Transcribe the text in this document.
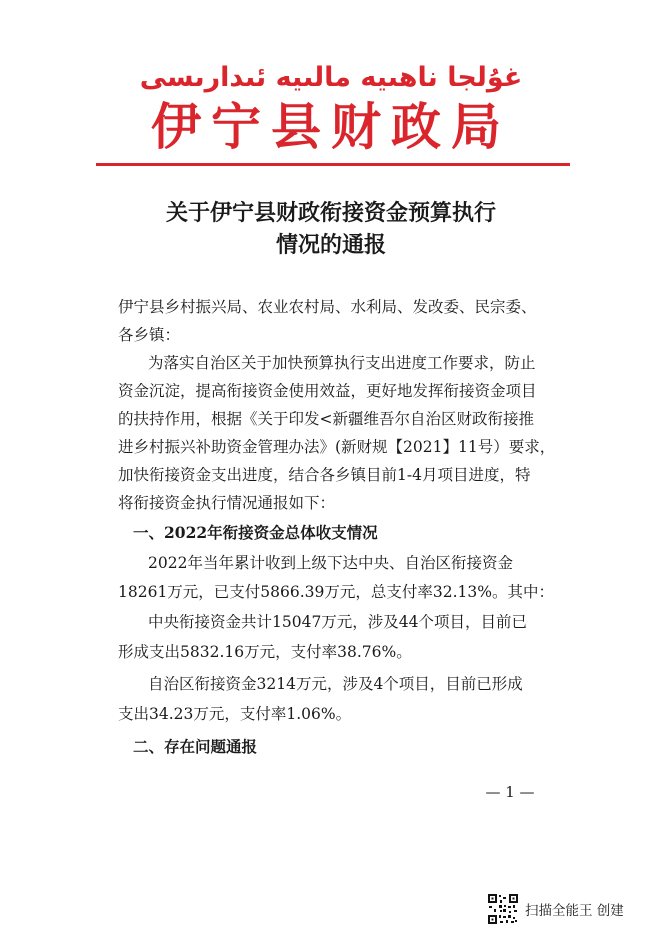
غۇلجا ناھىيە مالىيە ئىدارىسى
伊宁县财政局
关于伊宁县财政衔接资金预算执行
情况的通报
伊宁县乡村振兴局、农业农村局、水利局、发改委、民宗委、
各乡镇：
为落实自治区关于加快预算执行支出进度工作要求，防止
资金沉淀，提高衔接资金使用效益，更好地发挥衔接资金项目
的扶持作用，根据《关于印发<新疆维吾尔自治区财政衔接推
进乡村振兴补助资金管理办法》(新财规【2021】11号）要求，
加快衔接资金支出进度，结合各乡镇目前1-4月项目进度，特
将衔接资金执行情况通报如下：
一、2022年衔接资金总体收支情况
2022年当年累计收到上级下达中央、自治区衔接资金
18261万元，已支付5866.39万元，总支付率32.13%。其中：
中央衔接资金共计15047万元，涉及44个项目，目前已
形成支出5832.16万元，支付率38.76%。
自治区衔接资金3214万元，涉及4个项目，目前已形成
支出34.23万元，支付率1.06%。
二、存在问题通报
— 1 —
扫描全能王 创建
